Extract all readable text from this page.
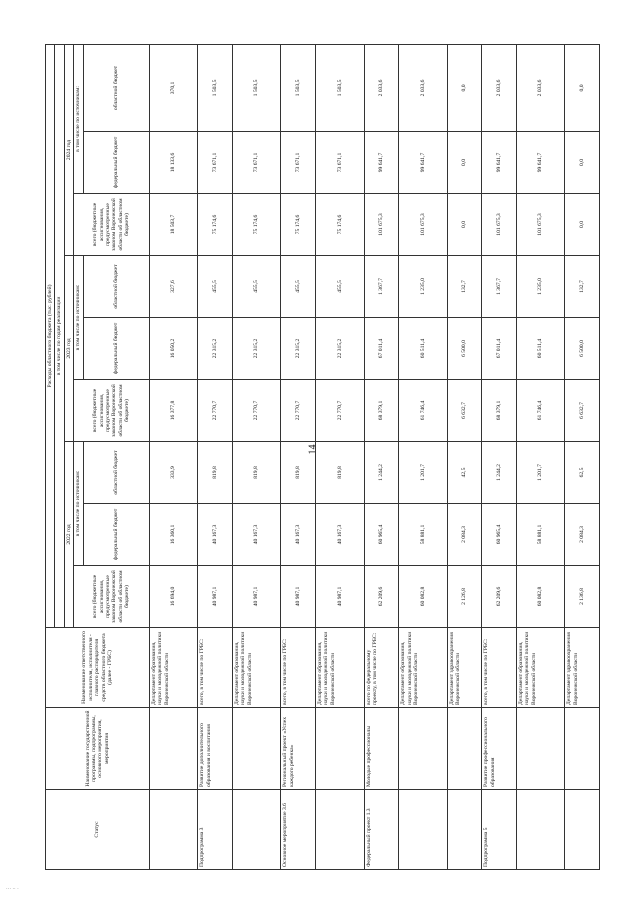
14
Статус	Наименование государственной программы, подпрограммы, основного мероприятия, мероприятия	Наименование ответственного исполнителя, исполнителя - главного распорядителя средств областного бюджета (далее - ГРБС)	Расходы областного бюджета (тыс. рублей)								
			в том числе по годам реализации								
			2022 год			2023 год			2024 год		
			всего (бюджетные ассигнования, предусмотренные законом Воронежской области об областном бюджете)	в том числе по источникам:		всего (бюджетные ассигнования, предусмотренные законом Воронежской области об областном бюджете)	в том числе по источникам:		всего (бюджетные ассигнования, предусмотренные законом Воронежской области об областном бюджете)	в том числе по источникам:	
				федеральный бюджет	областной бюджет		федеральный бюджет	областной бюджет		федеральный бюджет	областной бюджет
		Департамент образования, науки и молодежной политики Воронежской области	16 694,0	16 360,1	333,9	16 377,8	16 050,2	327,6	18 503,7	18 133,6	370,1
Подпрограмма 3	Развитие дополнительного образования и воспитания	всего, в том числе по ГРБС:	40 987,1	40 167,3	819,8	22 770,7	22 315,2	455,5	75 174,6	73 671,1	1 503,5
		Департамент образования, науки и молодежной политики Воронежской области	40 987,1	40 167,3	819,8	22 770,7	22 315,2	455,5	75 174,6	73 671,1	1 503,5
Основное мероприятие 3.6	Региональный проект «Успех каждого ребенка»	всего, в том числе по ГРБС:	40 987,1	40 167,3	819,8	22 770,7	22 315,2	455,5	75 174,6	73 671,1	1 503,5
		Департамент образования, науки и молодежной политики Воронежской области	40 987,1	40 167,3	819,8	22 770,7	22 315,2	455,5	75 174,6	73 671,1	1 503,5
Федеральный проект 1.3	Молодые профессионалы	всего по федеральному проекту, в том числе по ГРБС:	62 209,6	60 965,4	1 244,2	68 379,1	67 011,4	1 367,7	101 675,3	99 641,7	2 033,6
		Департамент образования, науки и молодежной политики Воронежской области	60 082,8	58 881,1	1 201,7	61 746,4	60 511,4	1 235,0	101 675,3	99 641,7	2 033,6
		Департамент здравоохранения Воронежской области	2 126,8	2 084,3	42,5	6 632,7	6 500,0	132,7	0,0	0,0	0,0
Подпрограмма 5	Развитие профессионального образования	всего, в том числе по ГРБС:	62 209,6	60 965,4	1 244,2	68 379,1	67 011,4	1 367,7	101 675,3	99 641,7	2 033,6
		Департамент образования, науки и молодежной политики Воронежской области	60 082,8	58 881,1	1 201,7	61 746,4	60 511,4	1 235,0	101 675,3	99 641,7	2 033,6
		Департамент здравоохранения Воронежской области	2 136,8	2 084,3	62,5	6 632,7	6 500,0	132,7	0,0	0,0	0,0
··· ·· ·
